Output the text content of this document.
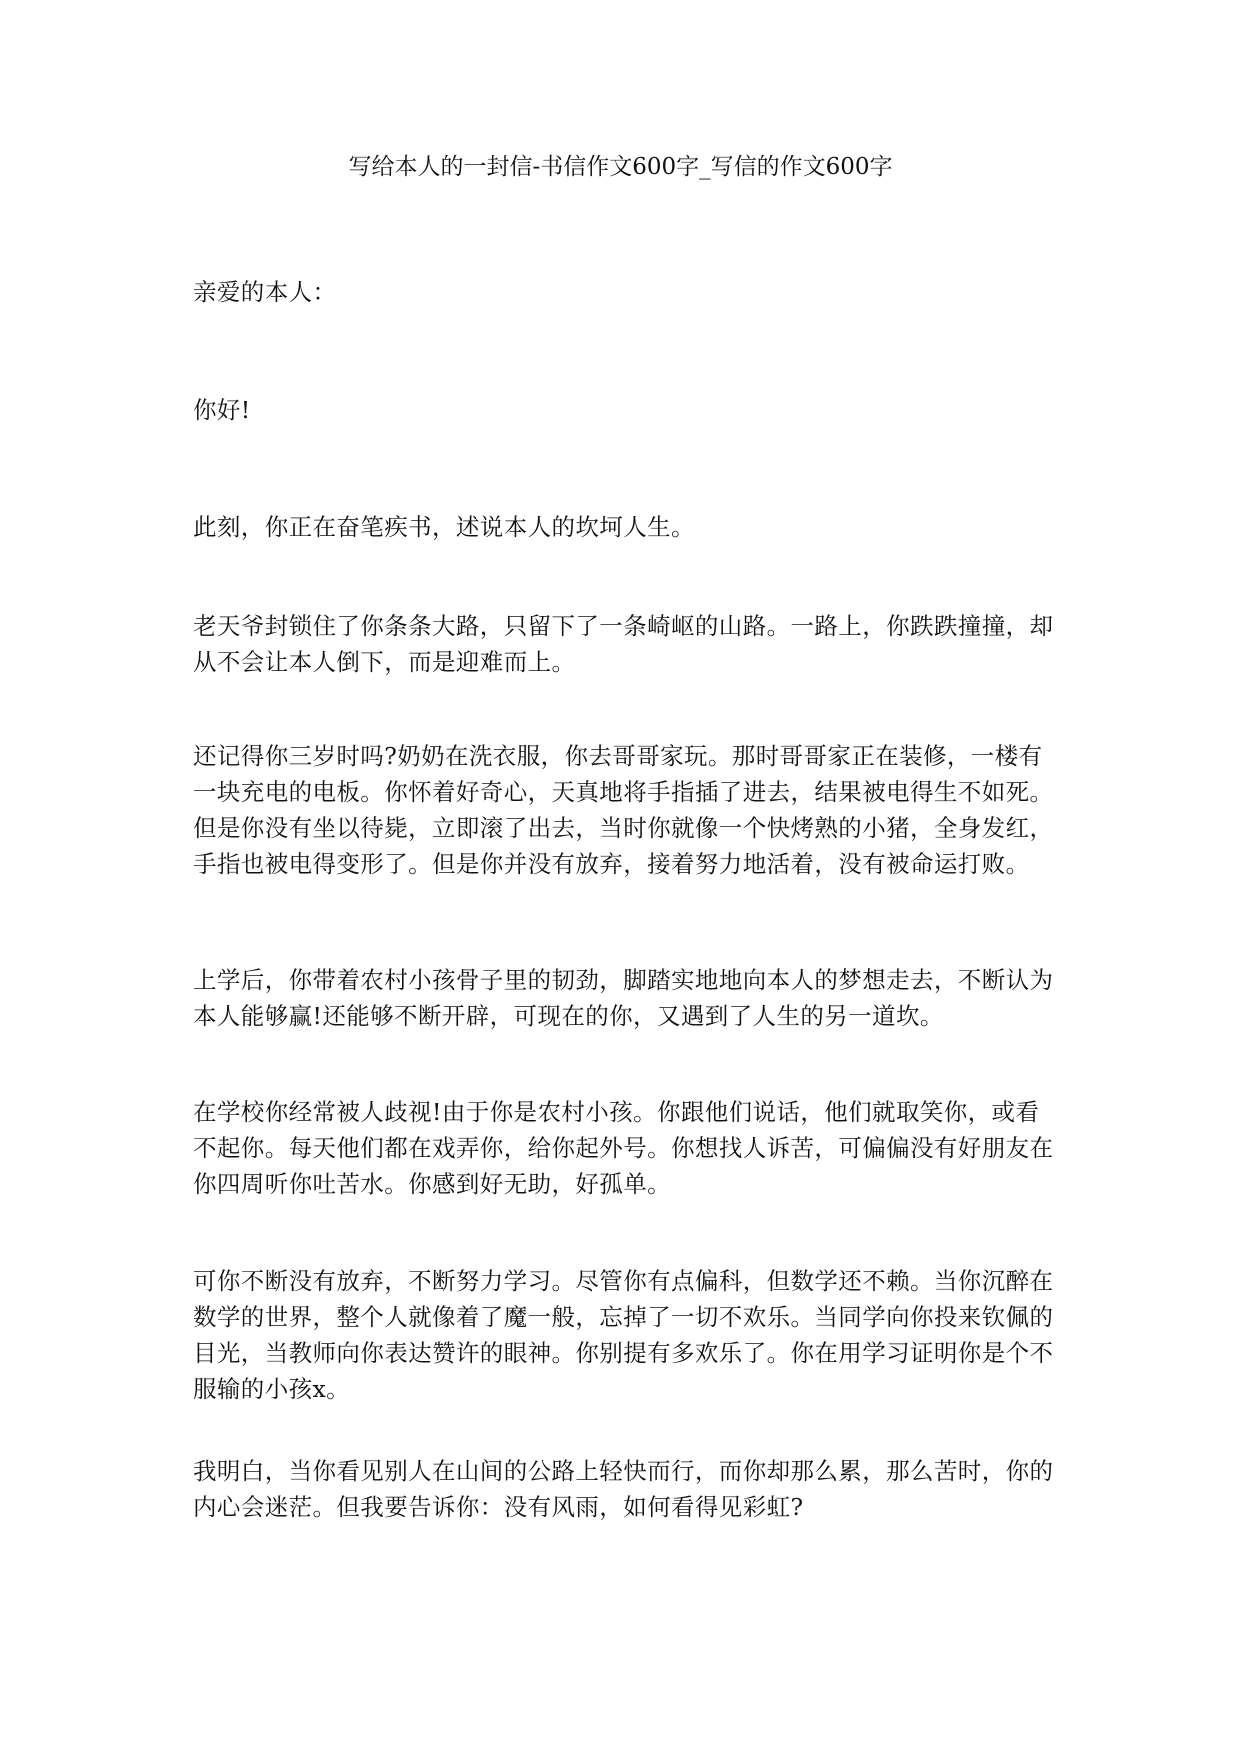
写给本人的一封信-书信作文600字_写信的作文600字

亲爱的本人：

你好!

此刻，你正在奋笔疾书，述说本人的坎坷人生。

老天爷封锁住了你条条大路，只留下了一条崎岖的山路。一路上，你跌跌撞撞，却从不会让本人倒下，而是迎难而上。

还记得你三岁时吗?奶奶在洗衣服，你去哥哥家玩。那时哥哥家正在装修，一楼有一块充电的电板。你怀着好奇心，天真地将手指插了进去，结果被电得生不如死。但是你没有坐以待毙，立即滚了出去，当时你就像一个快烤熟的小猪，全身发红，手指也被电得变形了。但是你并没有放弃，接着努力地活着，没有被命运打败。

上学后，你带着农村小孩骨子里的韧劲，脚踏实地地向本人的梦想走去，不断认为本人能够赢!还能够不断开辟，可现在的你，又遇到了人生的另一道坎。

在学校你经常被人歧视!由于你是农村小孩。你跟他们说话，他们就取笑你，或看不起你。每天他们都在戏弄你，给你起外号。你想找人诉苦，可偏偏没有好朋友在你四周听你吐苦水。你感到好无助，好孤单。

可你不断没有放弃，不断努力学习。尽管你有点偏科，但数学还不赖。当你沉醉在数学的世界，整个人就像着了魔一般，忘掉了一切不欢乐。当同学向你投来钦佩的目光，当教师向你表达赞许的眼神。你别提有多欢乐了。你在用学习证明你是个不服输的小孩x。

我明白，当你看见别人在山间的公路上轻快而行，而你却那么累，那么苦时，你的内心会迷茫。但我要告诉你：没有风雨，如何看得见彩虹?
